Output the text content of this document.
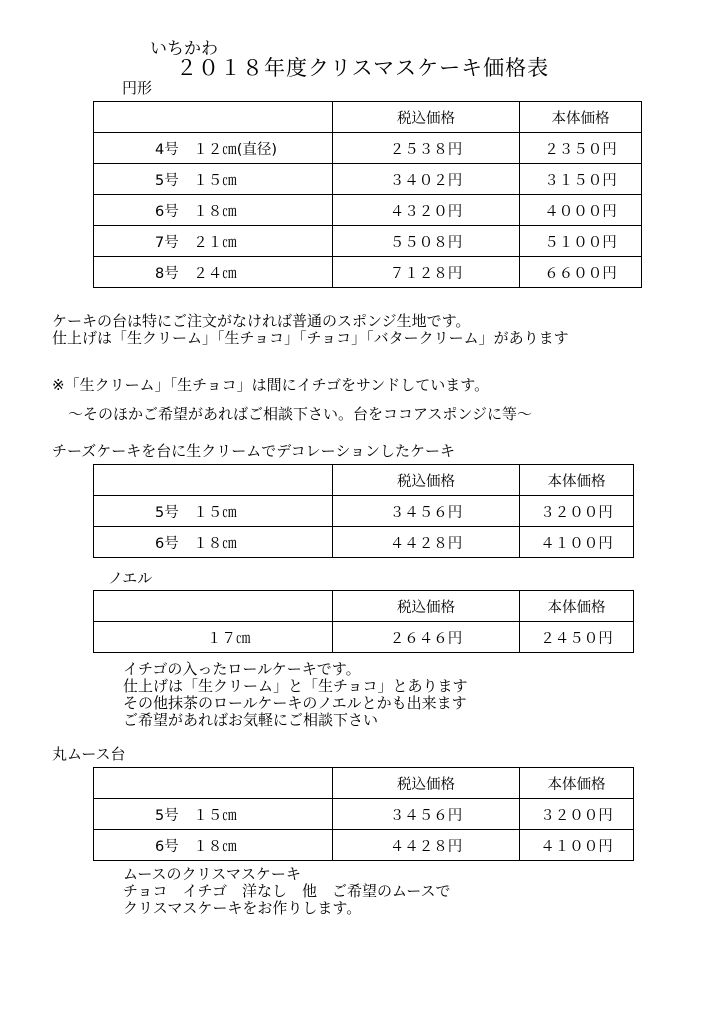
いちかわ
２０１８年度クリスマスケーキ価格表
円形
	税込価格	本体価格
4号　１２㎝(直径)	２５３８円	２３５０円
5号　１５㎝	３４０２円	３１５０円
6号　１８㎝	４３２０円	４０００円
7号　２１㎝	５５０８円	５１００円
8号　２４㎝	７１２８円	６６００円
ケーキの台は特にご注文がなければ普通のスポンジ生地です。
仕上げは「生クリーム」「生チョコ」「チョコ」「バタークリーム」があります
※「生クリーム」「生チョコ」は間にイチゴをサンドしています。
～そのほかご希望があればご相談下さい。台をココアスポンジに等～
チーズケーキを台に生クリームでデコレーションしたケーキ
	税込価格	本体価格
5号　１５㎝	３４５６円	３２００円
6号　１８㎝	４４２８円	４１００円
ノエル
	税込価格	本体価格
１７㎝	２６４６円	２４５０円
イチゴの入ったロールケーキです。
仕上げは「生クリーム」と「生チョコ」とあります
その他抹茶のロールケーキのノエルとかも出来ます
ご希望があればお気軽にご相談下さい
丸ムース台
	税込価格	本体価格
5号　１５㎝	３４５６円	３２００円
6号　１８㎝	４４２８円	４１００円
ムースのクリスマスケーキ
チョコ　イチゴ　洋なし　他　ご希望のムースで
クリスマスケーキをお作りします。
